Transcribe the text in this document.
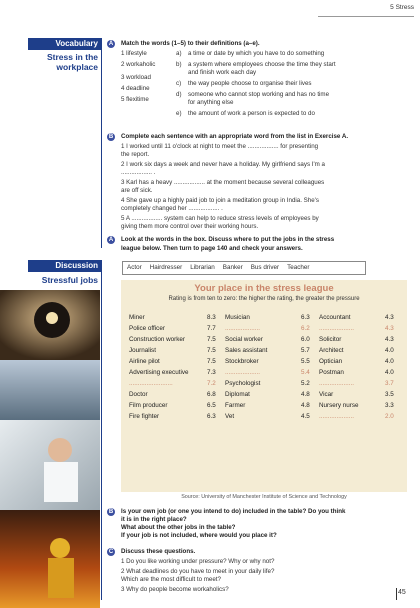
5 Stress
Vocabulary
Stress in the
workplace
A Match the words (1–5) to their definitions (a–e).
1 lifestyle
2 workaholic
3 workload
4 deadline
5 flexitime
a) a time or date by which you have to do something
b) a system where employees choose the time they start
and finish work each day
c) the way people choose to organise their lives
d) someone who cannot stop working and has no time
for anything else
e) the amount of work a person is expected to do
B Complete each sentence with an appropriate word from the list in Exercise A.
1 I worked until 11 o'clock at night to meet the .................. for presenting
the report.
2 I work six days a week and never have a holiday. My girlfriend says I'm a
.................. .
3 Karl has a heavy .................. at the moment because several colleagues
are off sick.
4 She gave up a highly paid job to join a meditation group in India. She's
completely changed her .................. .
5 A .................. system can help to reduce stress levels of employees by
giving them more control over their working hours.
Discussion
Stressful jobs
A Look at the words in the box. Discuss where to put the jobs in the stress
league below. Then turn to page 140 and check your answers.
Actor Hairdresser Librarian Banker Bus driver Teacher
Your place in the stress league
Rating is from ten to zero: the higher the rating, the greater the pressure
Miner	8.3
Police officer	7.7
Construction worker	7.5
Journalist	7.5
Airline pilot	7.5
Advertising executive	7.3
.........................	7.2
Doctor	6.8
Film producer	6.5
Fire fighter	6.3
Musician	6.3
....................	6.2
Social worker	6.0
Sales assistant	5.7
Stockbroker	5.5
....................	5.4
Psychologist	5.2
Diplomat	4.8
Farmer	4.8
Vet	4.5
Accountant	4.3
....................	4.3
Solicitor	4.3
Architect	4.0
Optician	4.0
Postman	4.0
....................	3.7
Vicar	3.5
Nursery nurse	3.3
....................	2.0
Source: University of Manchester Institute of Science and Technology
B Is your own job (or one you intend to do) included in the table? Do you think
it is in the right place?
What about the other jobs in the table?
If your job is not included, where would you place it?
C Discuss these questions.
1 Do you like working under pressure? Why or why not?
2 What deadlines do you have to meet in your daily life?
Which are the most difficult to meet?
3 Why do people become workaholics?	45
